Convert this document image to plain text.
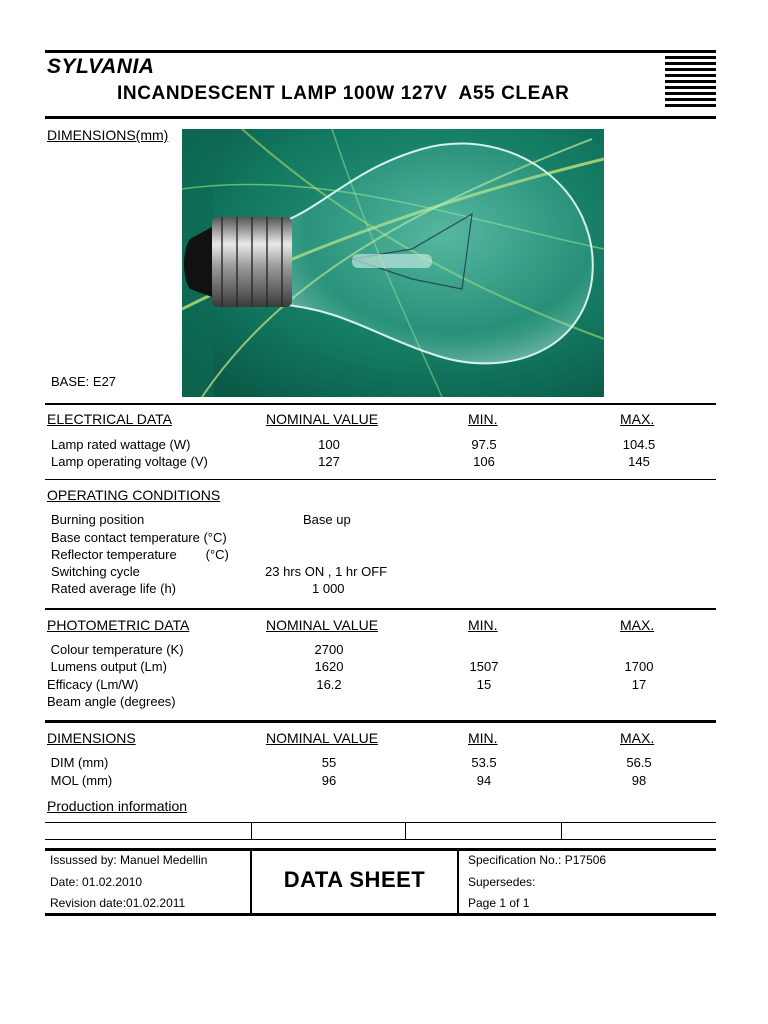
SYLVANIA
INCANDESCENT LAMP 100W 127V  A55 CLEAR
DIMENSIONS(mm)
BASE: E27
ELECTRICAL DATA	NOMINAL VALUE	MIN.	MAX.
Lamp rated wattage (W)	100	97.5	104.5
Lamp operating voltage (V)	127	106	145
OPERATING CONDITIONS
Burning position	Base up
Base contact temperature (°C)
Reflector temperature        (°C)
Switching cycle	23 hrs ON , 1 hr OFF
Rated average life (h)	1 000
PHOTOMETRIC DATA	NOMINAL VALUE	MIN.	MAX.
Colour temperature (K)	2700
Lumens output (Lm)	1620	1507	1700
Efficacy (Lm/W)	16.2	15	17
Beam angle (degrees)
DIMENSIONS	NOMINAL VALUE	MIN.	MAX.
DIM (mm)	55	53.5	56.5
MOL (mm)	96	94	98
Production information
Issussed by: Manuel Medellin
Date: 01.02.2010
Revision date:01.02.2011
DATA SHEET
Specification No.: P17506
Supersedes:
Page 1 of 1
